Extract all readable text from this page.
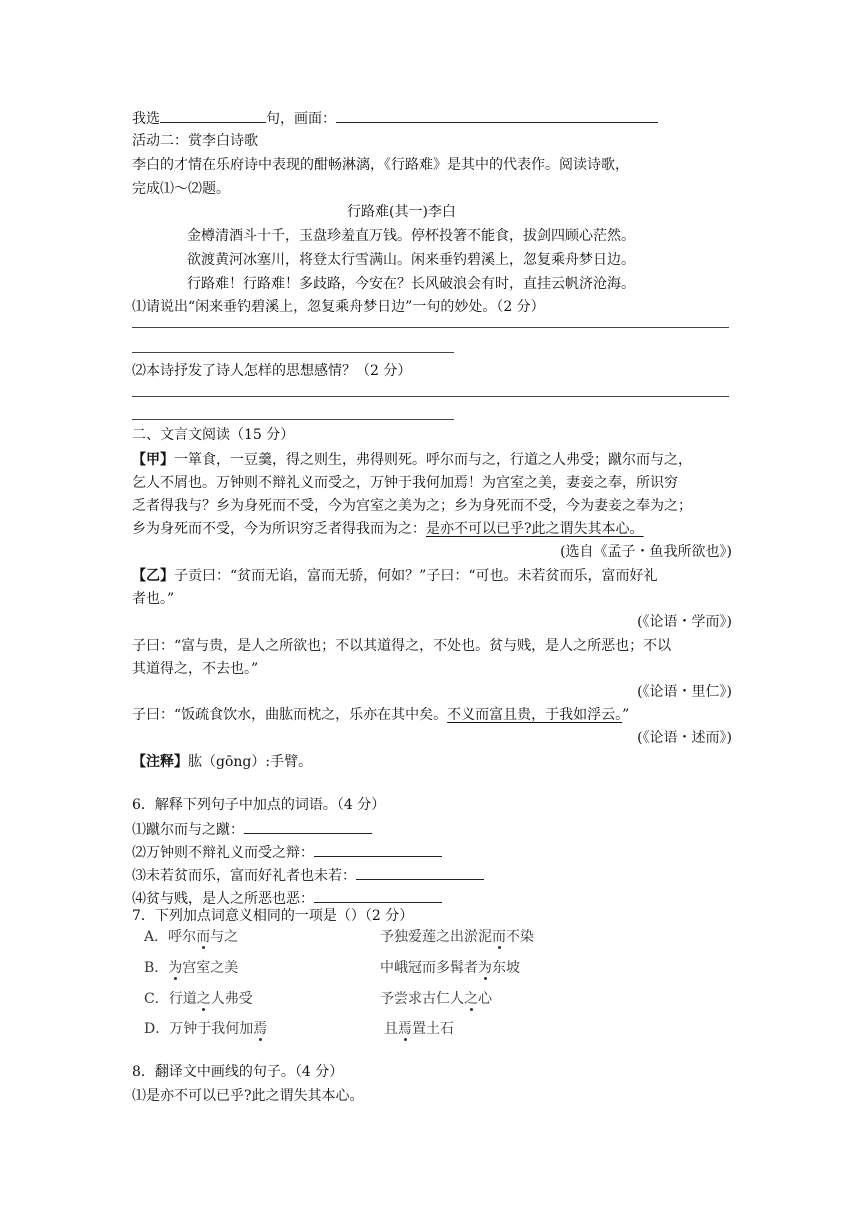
我选	句，画面：
活动二：赏李白诗歌
李白的才情在乐府诗中表现的酣畅淋漓，《行路难》是其中的代表作。阅读诗歌，
完成⑴～⑵题。
行路难(其一)李白
金樽清酒斗十千，玉盘珍羞直万钱。停杯投箸不能食，拔剑四顾心茫然。
欲渡黄河冰塞川，将登太行雪满山。闲来垂钓碧溪上，忽复乘舟梦日边。
行路难！行路难！多歧路，今安在？长风破浪会有时，直挂云帆济沧海。
⑴请说出“闲来垂钓碧溪上，忽复乘舟梦日边”一句的妙处。（2 分）
⑵本诗抒发了诗人怎样的思想感情？（2 分）
二、文言文阅读（15 分）
【甲】一箪食，一豆羹，得之则生，弗得则死。呼尔而与之，行道之人弗受；蹴尔而与之，
乞人不屑也。万钟则不辩礼义而受之，万钟于我何加焉！为宫室之美，妻妾之奉，所识穷
乏者得我与？乡为身死而不受，今为宫室之美为之；乡为身死而不受，今为妻妾之奉为之；
乡为身死而不受，今为所识穷乏者得我而为之：是亦不可以已乎?此之谓失其本心。
(选自《孟子・鱼我所欲也》)
【乙】子贡曰：“贫而无谄，富而无骄，何如？”子曰：“可也。未若贫而乐，富而好礼
者也。”
(《论语・学而》)
子曰：“富与贵，是人之所欲也；不以其道得之，不处也。贫与贱，是人之所恶也；不以
其道得之，不去也。”
(《论语・里仁》)
子曰：“饭疏食饮水，曲肱而枕之，乐亦在其中矣。不义而富且贵，于我如浮云。”
(《论语・述而》)
【注释】肱（gōng）:手臂。
6．解释下列句子中加点的词语。（4 分）
⑴蹴尔而与之蹴：
⑵万钟则不辩礼义而受之辩：
⑶未若贫而乐，富而好礼者也未若：
⑷贫与贱，是人之所恶也恶：
7．下列加点词意义相同的一项是（）（2 分）
A．呼尔而与之	予独爱莲之出淤泥而不染
B．为宫室之美	中峨冠而多髯者为东坡
C．行道之人弗受	予尝求古仁人之心
D．万钟于我何加焉	且焉置土石
8．翻译文中画线的句子。（4 分）
⑴是亦不可以已乎?此之谓失其本心。
